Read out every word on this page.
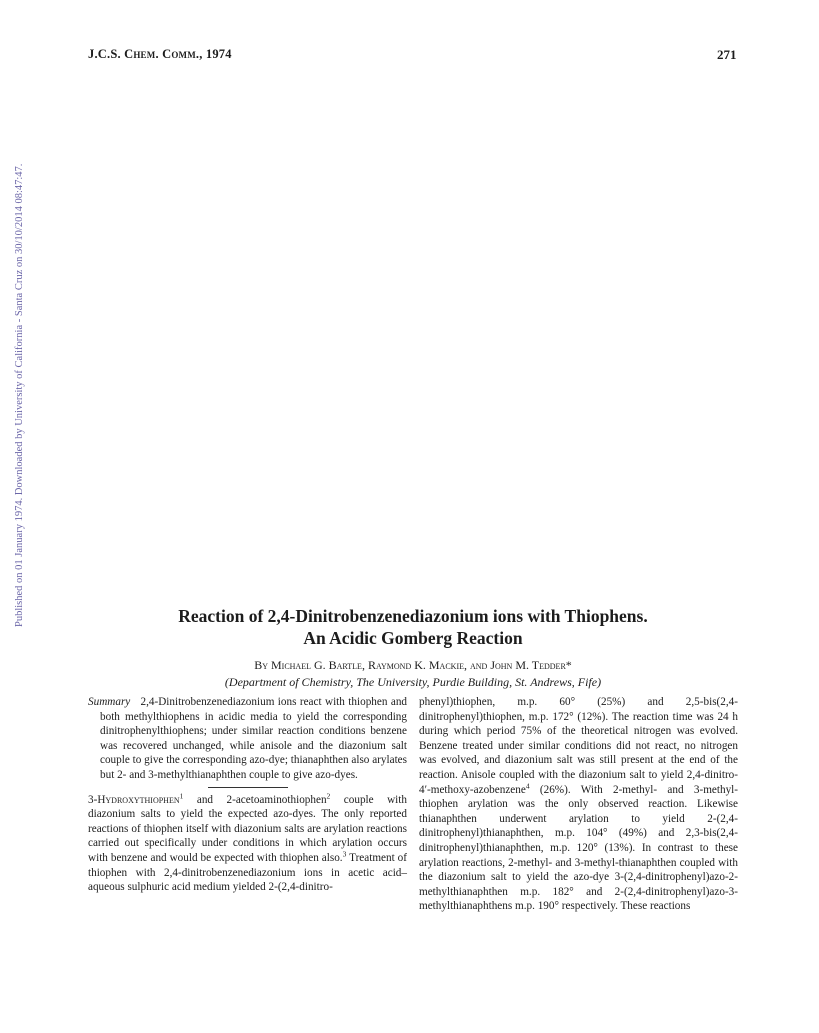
Published on 01 January 1974. Downloaded by University of California - Santa Cruz on 30/10/2014 08:47:47.
J.C.S. Chem. Comm., 1974	271
Reaction of 2,4-Dinitrobenzenediazonium ions with Thiophens.
An Acidic Gomberg Reaction
By Michael G. Bartle, Raymond K. Mackie, and John M. Tedder*
(Department of Chemistry, The University, Purdie Building, St. Andrews, Fife)

Summary 2,4-Dinitrobenzenediazonium ions react with thiophen and both methylthiophens in acidic media to yield the corresponding dinitrophenylthiophens; under similar reaction conditions benzene was recovered unchanged, while anisole and the diazonium salt couple to give the corresponding azo-dye; thianaphthen also arylates but 2- and 3-methylthianaphthen couple to give azo-dyes.

3-Hydroxythiophen$^1$ and 2-acetoaminothiophen$^2$ couple with diazonium salts to yield the expected azo-dyes. The only reported reactions of thiophen itself with diazonium salts are arylation reactions carried out specifically under conditions in which arylation occurs with benzene and would be expected with thiophen also.$^3$ Treatment of thiophen with 2,4-dinitrobenzenediazonium ions in acetic acid–aqueous sulphuric acid medium yielded 2-(2,4-dinitro-

phenyl)thiophen, m.p. 60° (25%) and 2,5-bis(2,4-dinitrophenyl)thiophen, m.p. 172° (12%). The reaction time was 24 h during which period 75% of the theoretical nitrogen was evolved. Benzene treated under similar conditions did not react, no nitrogen was evolved, and diazonium salt was still present at the end of the reaction. Anisole coupled with the diazonium salt to yield 2,4-dinitro-4′-methoxy-azobenzene$^4$ (26%). With 2-methyl- and 3-methyl-thiophen arylation was the only observed reaction. Likewise thianaphthen underwent arylation to yield 2-(2,4-dinitrophenyl)thianaphthen, m.p. 104° (49%) and 2,3-bis(2,4-dinitrophenyl)thianaphthen, m.p. 120° (13%). In contrast to these arylation reactions, 2-methyl- and 3-methyl-thianaphthen coupled with the diazonium salt to yield the azo-dye 3-(2,4-dinitrophenyl)azo-2-methylthianaphthen m.p. 182° and 2-(2,4-dinitrophenyl)azo-3-methylthianaphthens m.p. 190° respectively. These reactions
